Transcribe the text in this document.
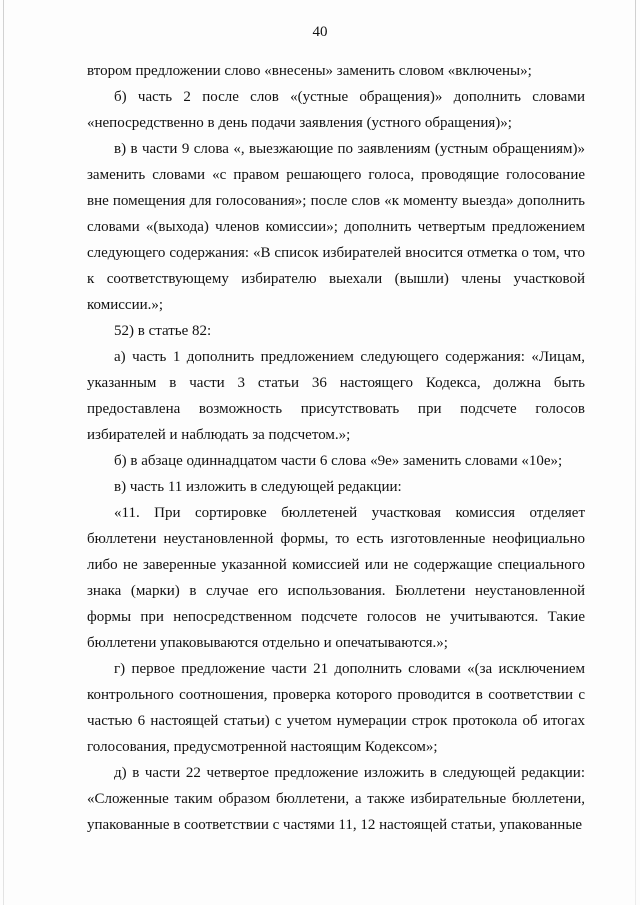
40

втором предложении слово «внесены» заменить словом «включены»;

б) часть 2 после слов «(устные обращения)» дополнить словами «непосредственно в день подачи заявления (устного обращения)»;

в) в части 9 слова «, выезжающие по заявлениям (устным обращениям)» заменить словами «с правом решающего голоса, проводящие голосование вне помещения для голосования»; после слов «к моменту выезда» дополнить словами «(выхода) членов комиссии»; дополнить четвертым предложением следующего содержания: «В список избирателей вносится отметка о том, что к соответствующему избирателю выехали (вышли) члены участковой комиссии.»;

52) в статье 82:

а) часть 1 дополнить предложением следующего содержания: «Лицам, указанным в части 3 статьи 36 настоящего Кодекса, должна быть предоставлена возможность присутствовать при подсчете голосов избирателей и наблюдать за подсчетом.»;

б) в абзаце одиннадцатом части 6 слова «9е» заменить словами «10е»;

в) часть 11 изложить в следующей редакции:

«11. При сортировке бюллетеней участковая комиссия отделяет бюллетени неустановленной формы, то есть изготовленные неофициально либо не заверенные указанной комиссией или не содержащие специального знака (марки) в случае его использования. Бюллетени неустановленной формы при непосредственном подсчете голосов не учитываются. Такие бюллетени упаковываются отдельно и опечатываются.»;

г) первое предложение части 21 дополнить словами «(за исключением контрольного соотношения, проверка которого проводится в соответствии с частью 6 настоящей статьи) с учетом нумерации строк протокола об итогах голосования, предусмотренной настоящим Кодексом»;

д) в части 22 четвертое предложение изложить в следующей редакции: «Сложенные таким образом бюллетени, а также избирательные бюллетени, упакованные в соответствии с частями 11, 12 настоящей статьи, упакованные
